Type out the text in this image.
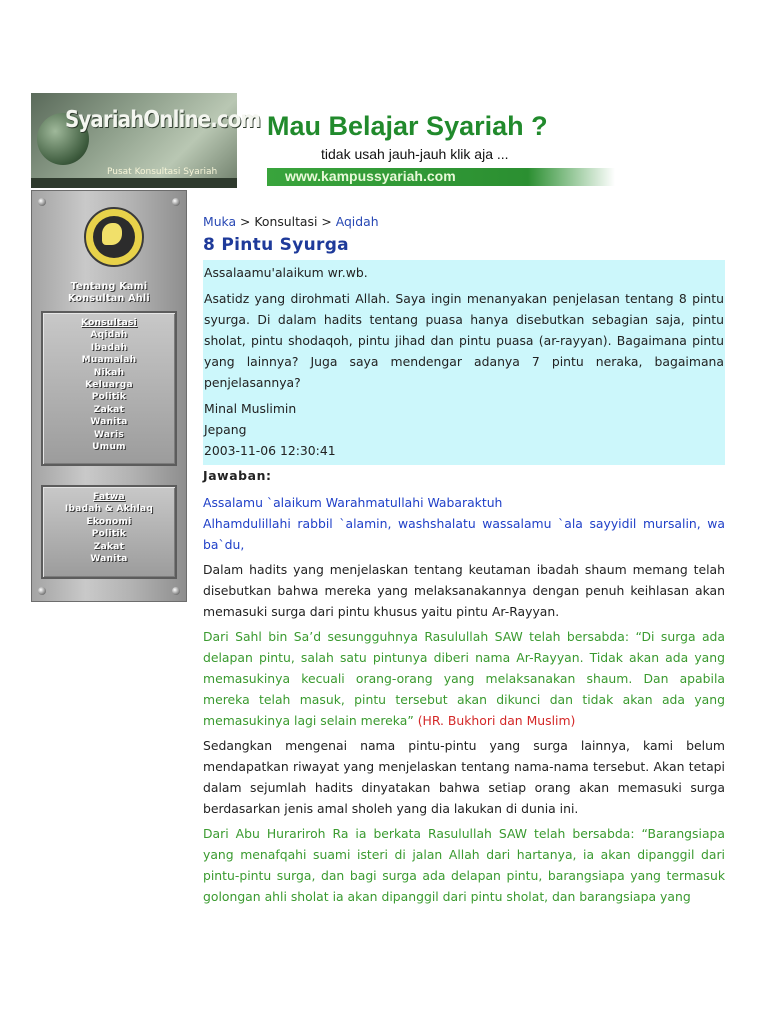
SyariahOnline.com
Pusat Konsultasi Syariah
Mau Belajar Syariah ?
tidak usah jauh-jauh klik aja ...
www.kampussyariah.com
Tentang Kami
Konsultan Ahli
Konsultasi
Aqidah
Ibadah
Muamalah
Nikah
Keluarga
Politik
Zakat
Wanita
Waris
Umum
Fatwa
Ibadah & Akhlaq
Ekonomi
Politik
Zakat
Wanita
Muka > Konsultasi > Aqidah
8 Pintu Syurga

Assalaamu'alaikum wr.wb.

Asatidz yang dirohmati Allah. Saya ingin menanyakan penjelasan tentang 8 pintu syurga. Di dalam hadits tentang puasa hanya disebutkan sebagian saja, pintu sholat, pintu shodaqoh, pintu jihad dan pintu puasa (ar-rayyan). Bagaimana pintu yang lainnya? Juga saya mendengar adanya 7 pintu neraka, bagaimana penjelasannya?

Minal Muslimin

Jepang

2003-11-06 12:30:41

Jawaban:

Assalamu `alaikum Warahmatullahi Wabaraktuh

Alhamdulillahi rabbil `alamin, washshalatu wassalamu `ala sayyidil mursalin, wa ba`du,

Dalam hadits yang menjelaskan tentang keutaman ibadah shaum memang telah disebutkan bahwa mereka yang melaksanakannya dengan penuh keihlasan akan memasuki surga dari pintu khusus yaitu pintu Ar-Rayyan.

Dari Sahl bin Sa’d sesungguhnya Rasulullah SAW telah bersabda: “Di surga ada delapan pintu, salah satu pintunya diberi nama Ar-Rayyan. Tidak akan ada yang memasukinya kecuali orang-orang yang melaksanakan shaum. Dan apabila mereka telah masuk, pintu tersebut akan dikunci dan tidak akan ada yang memasukinya lagi selain mereka” (HR. Bukhori dan Muslim)

Sedangkan mengenai nama pintu-pintu yang surga lainnya, kami belum mendapatkan riwayat yang menjelaskan tentang nama-nama tersebut. Akan tetapi dalam sejumlah hadits dinyatakan bahwa setiap orang akan memasuki surga berdasarkan jenis amal sholeh yang dia lakukan di dunia ini.

Dari Abu Hurariroh Ra ia berkata Rasulullah SAW telah bersabda: “Barangsiapa yang menafqahi suami isteri di jalan Allah dari hartanya, ia akan dipanggil dari pintu-pintu surga, dan bagi surga ada delapan pintu, barangsiapa yang termasuk golongan ahli sholat ia akan dipanggil dari pintu sholat, dan barangsiapa yang
